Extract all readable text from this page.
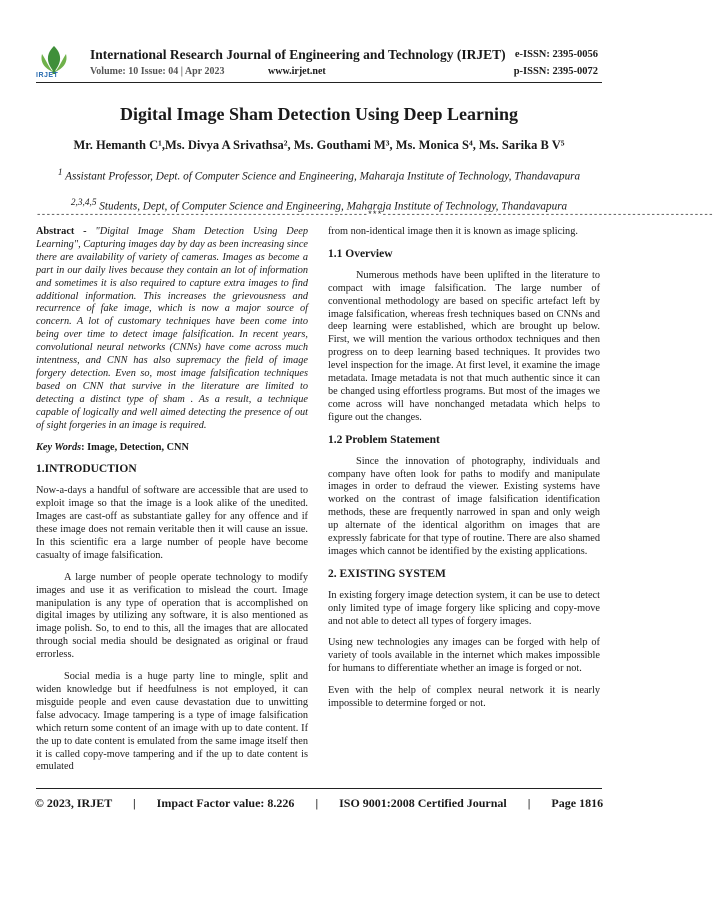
IRJET
International Research Journal of Engineering and Technology (IRJET)
Volume: 10 Issue: 04 | Apr 2023	www.irjet.net
e-ISSN: 2395-0056
p-ISSN: 2395-0072
Digital Image Sham Detection Using Deep Learning
Mr. Hemanth C¹,Ms. Divya A Srivathsa², Ms. Gouthami M³, Ms. Monica S⁴, Ms. Sarika B V⁵
$^1$ Assistant Professor, Dept. of Computer Science and Engineering, Maharaja Institute of Technology, Thandavapura
$^{2,3,4,5}$ Students, Dept, of Computer Science and Engineering, Maharaja Institute of Technology, Thandavapura
---------------------------------------------------------------------***---------------------------------------------------------------------

Abstract - "Digital Image Sham Detection Using Deep Learning", Capturing images day by day as been increasing since there are availability of variety of cameras. Images as become a part in our daily lives because they contain an lot of information and sometimes it is also required to capture extra images to find additional information. This increases the grievousness and recurrence of fake image, which is now a major source of concern. A lot of customary techniques have been come into being over time to detect image falsification. In recent years, convolutional neural networks (CNNs) have come across much intentness, and CNN has also supremacy the field of image forgery detection. Even so, most image falsification techniques based on CNN that survive in the literature are limited to detecting a distinct type of sham . As a result, a technique capable of logically and well aimed detecting the presence of out of sight forgeries in an image is required.

Key Words: Image, Detection, CNN

1.INTRODUCTION

Now-a-days a handful of software are accessible that are used to exploit image so that the image is a look alike of the unedited. Images are cast-off as substantiate galley for any offence and if these image does not remain veritable then it will cause an issue. In this scientific era a large number of people have become casualty of image falsification.

A large number of people operate technology to modify images and use it as verification to mislead the court. Image manipulation is any type of operation that is accomplished on digital images by utilizing any software, it is also mentioned as image polish. So, to end to this, all the images that are allocated through social media should be designated as original or fraud errorless.

Social media is a huge party line to mingle, split and widen knowledge but if heedfulness is not employed, it can misguide people and even cause devastation due to unwitting false advocacy. Image tampering is a type of image falsification which return some content of an image with up to date content. If the up to date content is emulated from the same image itself then it is called copy-move tampering and if the up to date content is emulated

from non-identical image then it is known as image splicing.

1.1 Overview

Numerous methods have been uplifted in the literature to compact with image falsification. The large number of conventional methodology are based on specific artefact left by image falsification, whereas fresh techniques based on CNNs and deep learning were established, which are brought up below. First, we will mention the various orthodox techniques and then progress on to deep learning based techniques. It provides two level inspection for the image. At first level, it examine the image metadata. Image metadata is not that much authentic since it can be changed using effortless programs. But most of the images we come across will have nonchanged metadata which helps to figure out the changes.

1.2 Problem Statement

Since the innovation of photography, individuals and company have often look for paths to modify and manipulate images in order to defraud the viewer. Existing systems have worked on the contrast of image falsification identification methods, these are frequently narrowed in span and only weigh up alternate of the identical algorithm on images that are expressly fabricate for that type of routine. There are also shamed images which cannot be identified by the existing applications.

2. EXISTING SYSTEM

In existing forgery image detection system, it can be use to detect only limited type of image forgery like splicing and copy-move and not able to detect all types of forgery images.

Using new technologies any images can be forged with help of variety of tools available in the internet which makes impossible for humans to differentiate whether an image is forged or not.

Even with the help of complex neural network it is nearly impossible to determine forged or not.

© 2023, IRJET | Impact Factor value: 8.226 | ISO 9001:2008 Certified Journal | Page 1816
